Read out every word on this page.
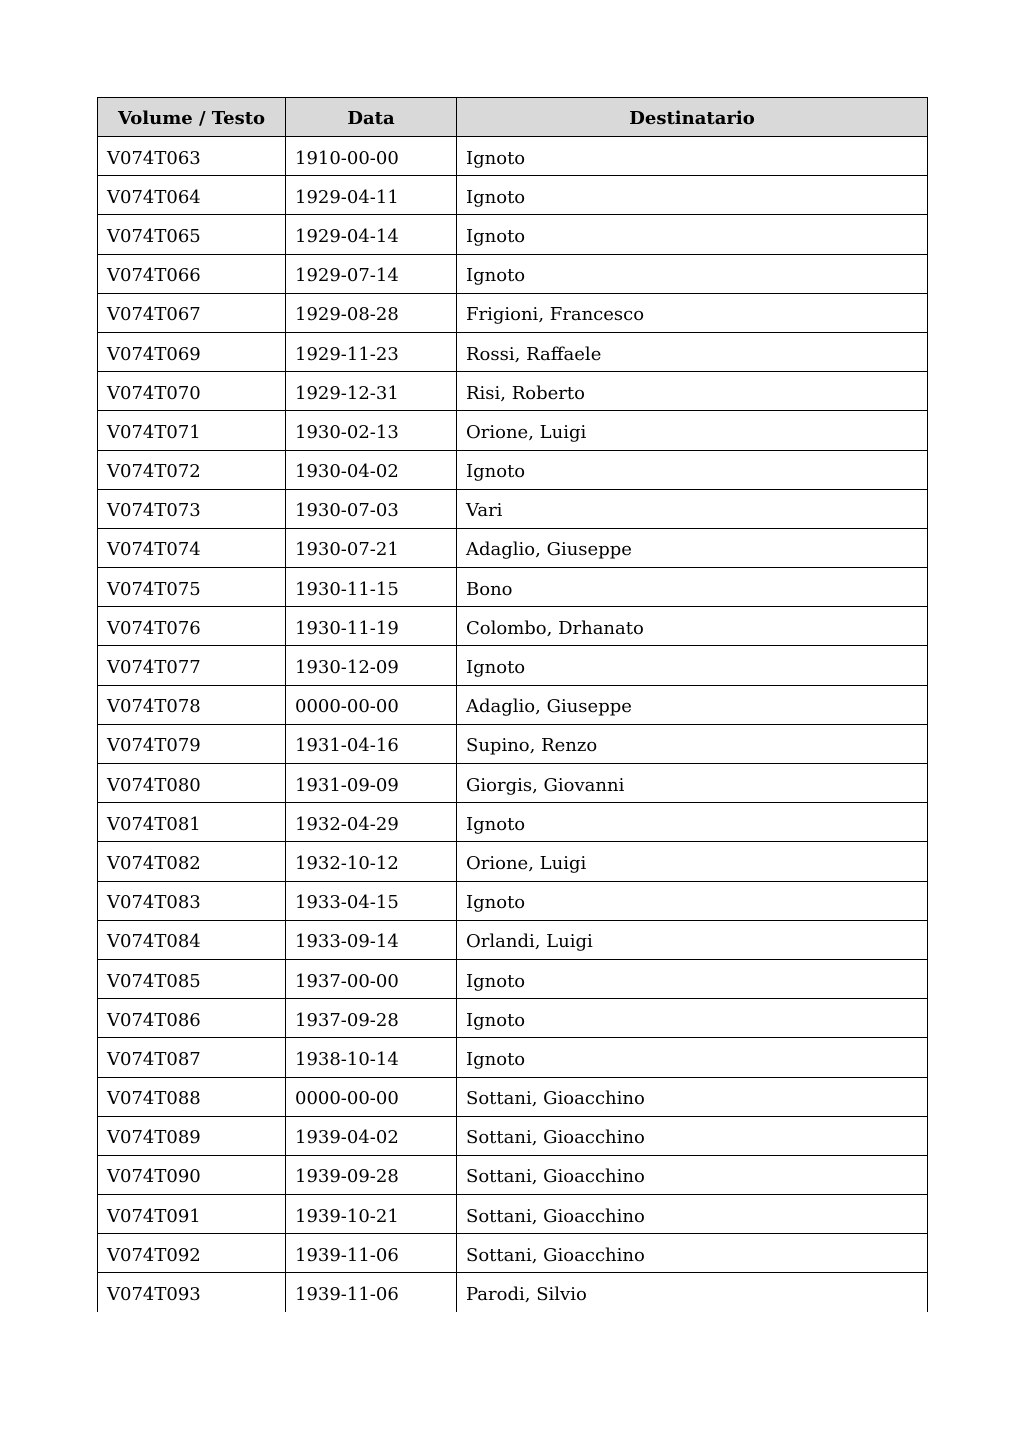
Volume / Testo	Data	Destinatario
V074T063	1910-00-00	Ignoto
V074T064	1929-04-11	Ignoto
V074T065	1929-04-14	Ignoto
V074T066	1929-07-14	Ignoto
V074T067	1929-08-28	Frigioni, Francesco
V074T069	1929-11-23	Rossi, Raffaele
V074T070	1929-12-31	Risi, Roberto
V074T071	1930-02-13	Orione, Luigi
V074T072	1930-04-02	Ignoto
V074T073	1930-07-03	Vari
V074T074	1930-07-21	Adaglio, Giuseppe
V074T075	1930-11-15	Bono
V074T076	1930-11-19	Colombo, Drhanato
V074T077	1930-12-09	Ignoto
V074T078	0000-00-00	Adaglio, Giuseppe
V074T079	1931-04-16	Supino, Renzo
V074T080	1931-09-09	Giorgis, Giovanni
V074T081	1932-04-29	Ignoto
V074T082	1932-10-12	Orione, Luigi
V074T083	1933-04-15	Ignoto
V074T084	1933-09-14	Orlandi, Luigi
V074T085	1937-00-00	Ignoto
V074T086	1937-09-28	Ignoto
V074T087	1938-10-14	Ignoto
V074T088	0000-00-00	Sottani, Gioacchino
V074T089	1939-04-02	Sottani, Gioacchino
V074T090	1939-09-28	Sottani, Gioacchino
V074T091	1939-10-21	Sottani, Gioacchino
V074T092	1939-11-06	Sottani, Gioacchino
V074T093	1939-11-06	Parodi, Silvio
